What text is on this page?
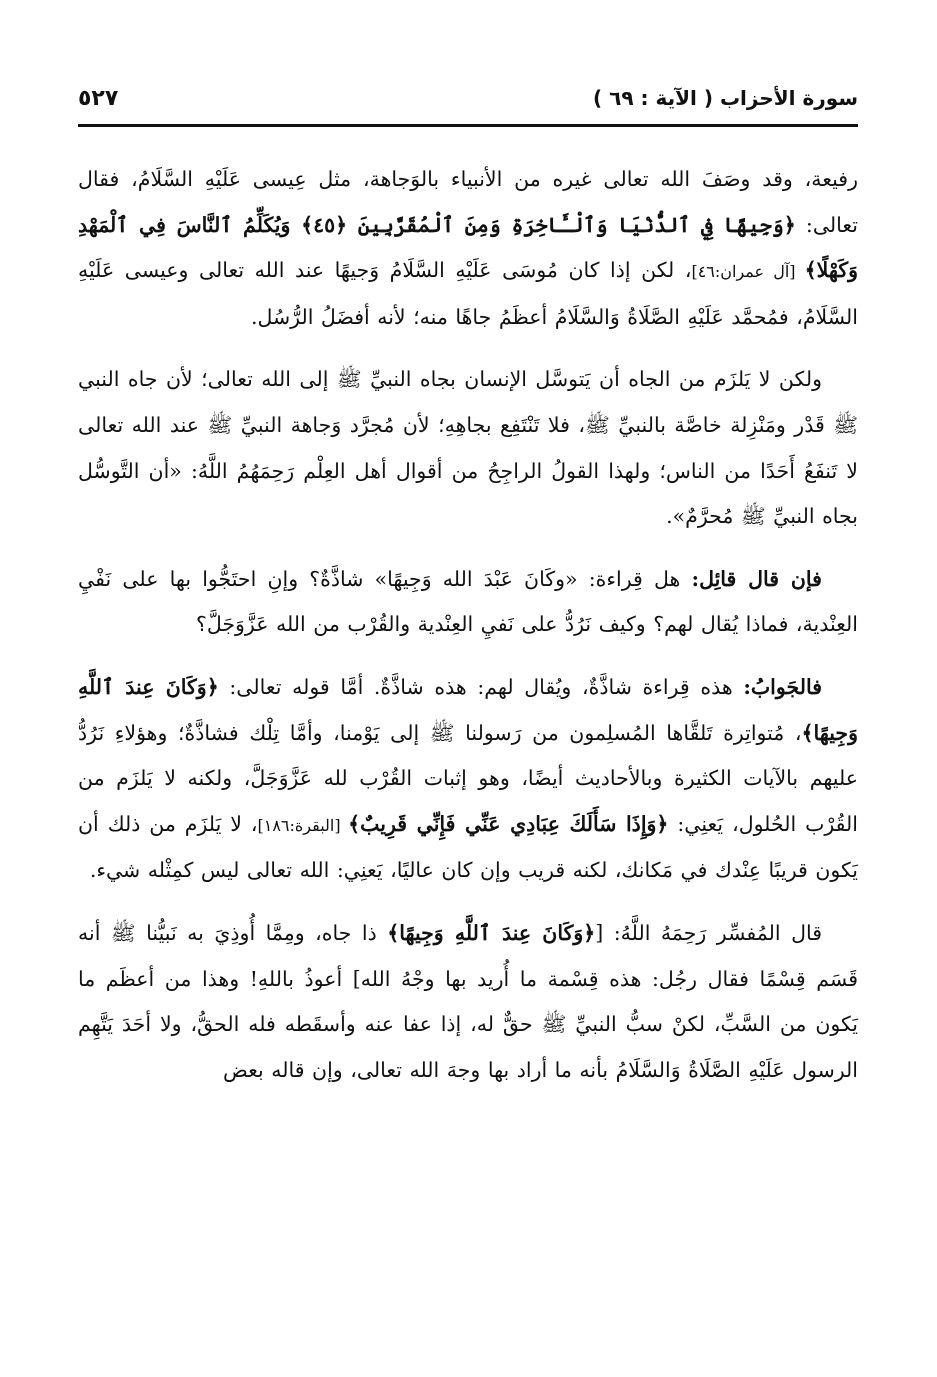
سورة الأحزاب ( الآية : ٦٩ )
٥٢٧

رفيعة، وقد وصَفَ الله تعالى غيره من الأنبياء بالوَجاهة، مثل عِيسى عَلَيْهِ السَّلَامُ، فقال تعالى: ﴿وَجِيهًا فِي ٱلدُّنْيَا وَٱلْـَٔاخِرَةِ وَمِنَ ٱلْمُقَرَّبِينَ ﴿٤٥﴾ وَيُكَلِّمُ ٱلنَّاسَ فِي ٱلْمَهْدِ وَكَهْلًا﴾ [آل عمران:٤٦]، لكن إذا كان مُوسَى عَلَيْهِ السَّلَامُ وَجيهًا عند الله تعالى وعيسى عَلَيْهِ السَّلَامُ، فمُحمَّد عَلَيْهِ الصَّلَاةُ وَالسَّلَامُ أعظَمُ جاهًا منه؛ لأنه أفضَلُ الرُّسُل.

ولكن لا يَلزَم من الجاه أن يَتوسَّل الإنسان بجاه النبيِّ ﷺ إلى الله تعالى؛ لأن جاه النبي ﷺ قَدْر ومَنْزِلة خاصَّة بالنبيِّ ﷺ، فلا تَنْتَفِع بجاهِهِ؛ لأن مُجرَّد وَجاهة النبيِّ ﷺ عند الله تعالى لا تَنفَعُ أَحَدًا من الناس؛ ولهذا القولُ الراجِحُ من أقوال أهل العِلْم رَحِمَهُمُ اللَّهُ: «أن التَّوسُّل بجاه النبيِّ ﷺ مُحرَّمٌ».

فإن قال قائِل: هل قِراءة: «وكَانَ عَبْدَ الله وَجِيهًا» شاذَّةٌ؟ وإنِ احتَجُّوا بها على نَفْيِ العِنْدية، فماذا يُقال لهم؟ وكيف نَرُدُّ على نَفيِ العِنْدية والقُرْب من الله عَزَّوَجَلَّ؟

فالجَوابُ: هذه قِراءة شاذَّةٌ، ويُقال لهم: هذه شاذَّةٌ. أمَّا قوله تعالى: ﴿وَكَانَ عِندَ ٱللَّهِ وَجِيهًا﴾، مُتواتِرة تَلقَّاها المُسلِمون من رَسولنا ﷺ إلى يَوْمنا، وأمَّا تِلْك فشاذَّةٌ؛ وهؤلاءِ نَرُدُّ عليهم بالآيات الكثيرة وبالأحاديث أيضًا، وهو إثبات القُرْب لله عَزَّوَجَلَّ، ولكنه لا يَلزَم من القُرْب الحُلول، يَعنِي: ﴿وَإِذَا سَأَلَكَ عِبَادِي عَنِّي فَإِنِّي قَرِيبٌ﴾ [البقرة:١٨٦]، لا يَلزَم من ذلك أن يَكون قريبًا عِنْدك في مَكانك، لكنه قريب وإن كان عاليًا، يَعنِي: الله تعالى ليس كمِثْله شيء.

قال المُفسِّر رَحِمَهُ اللَّهُ: [﴿وَكَانَ عِندَ ٱللَّهِ وَجِيهًا﴾ ذا جاه، ومِمَّا أُوذِيَ به نَبيُّنا ﷺ أنه قَسَم قِسْمًا فقال رجُل: هذه قِسْمة ما أُريد بها وجْهُ الله] أعوذُ باللهِ! وهذا من أعظَم ما يَكون من السَّبِّ، لكنْ سبُّ النبيِّ ﷺ حقٌّ له، إذا عفا عنه وأسقَطه فله الحقُّ، ولا أحَدَ يَتَّهِم الرسول عَلَيْهِ الصَّلَاةُ وَالسَّلَامُ بأنه ما أراد بها وجهَ الله تعالى، وإن قاله بعض
